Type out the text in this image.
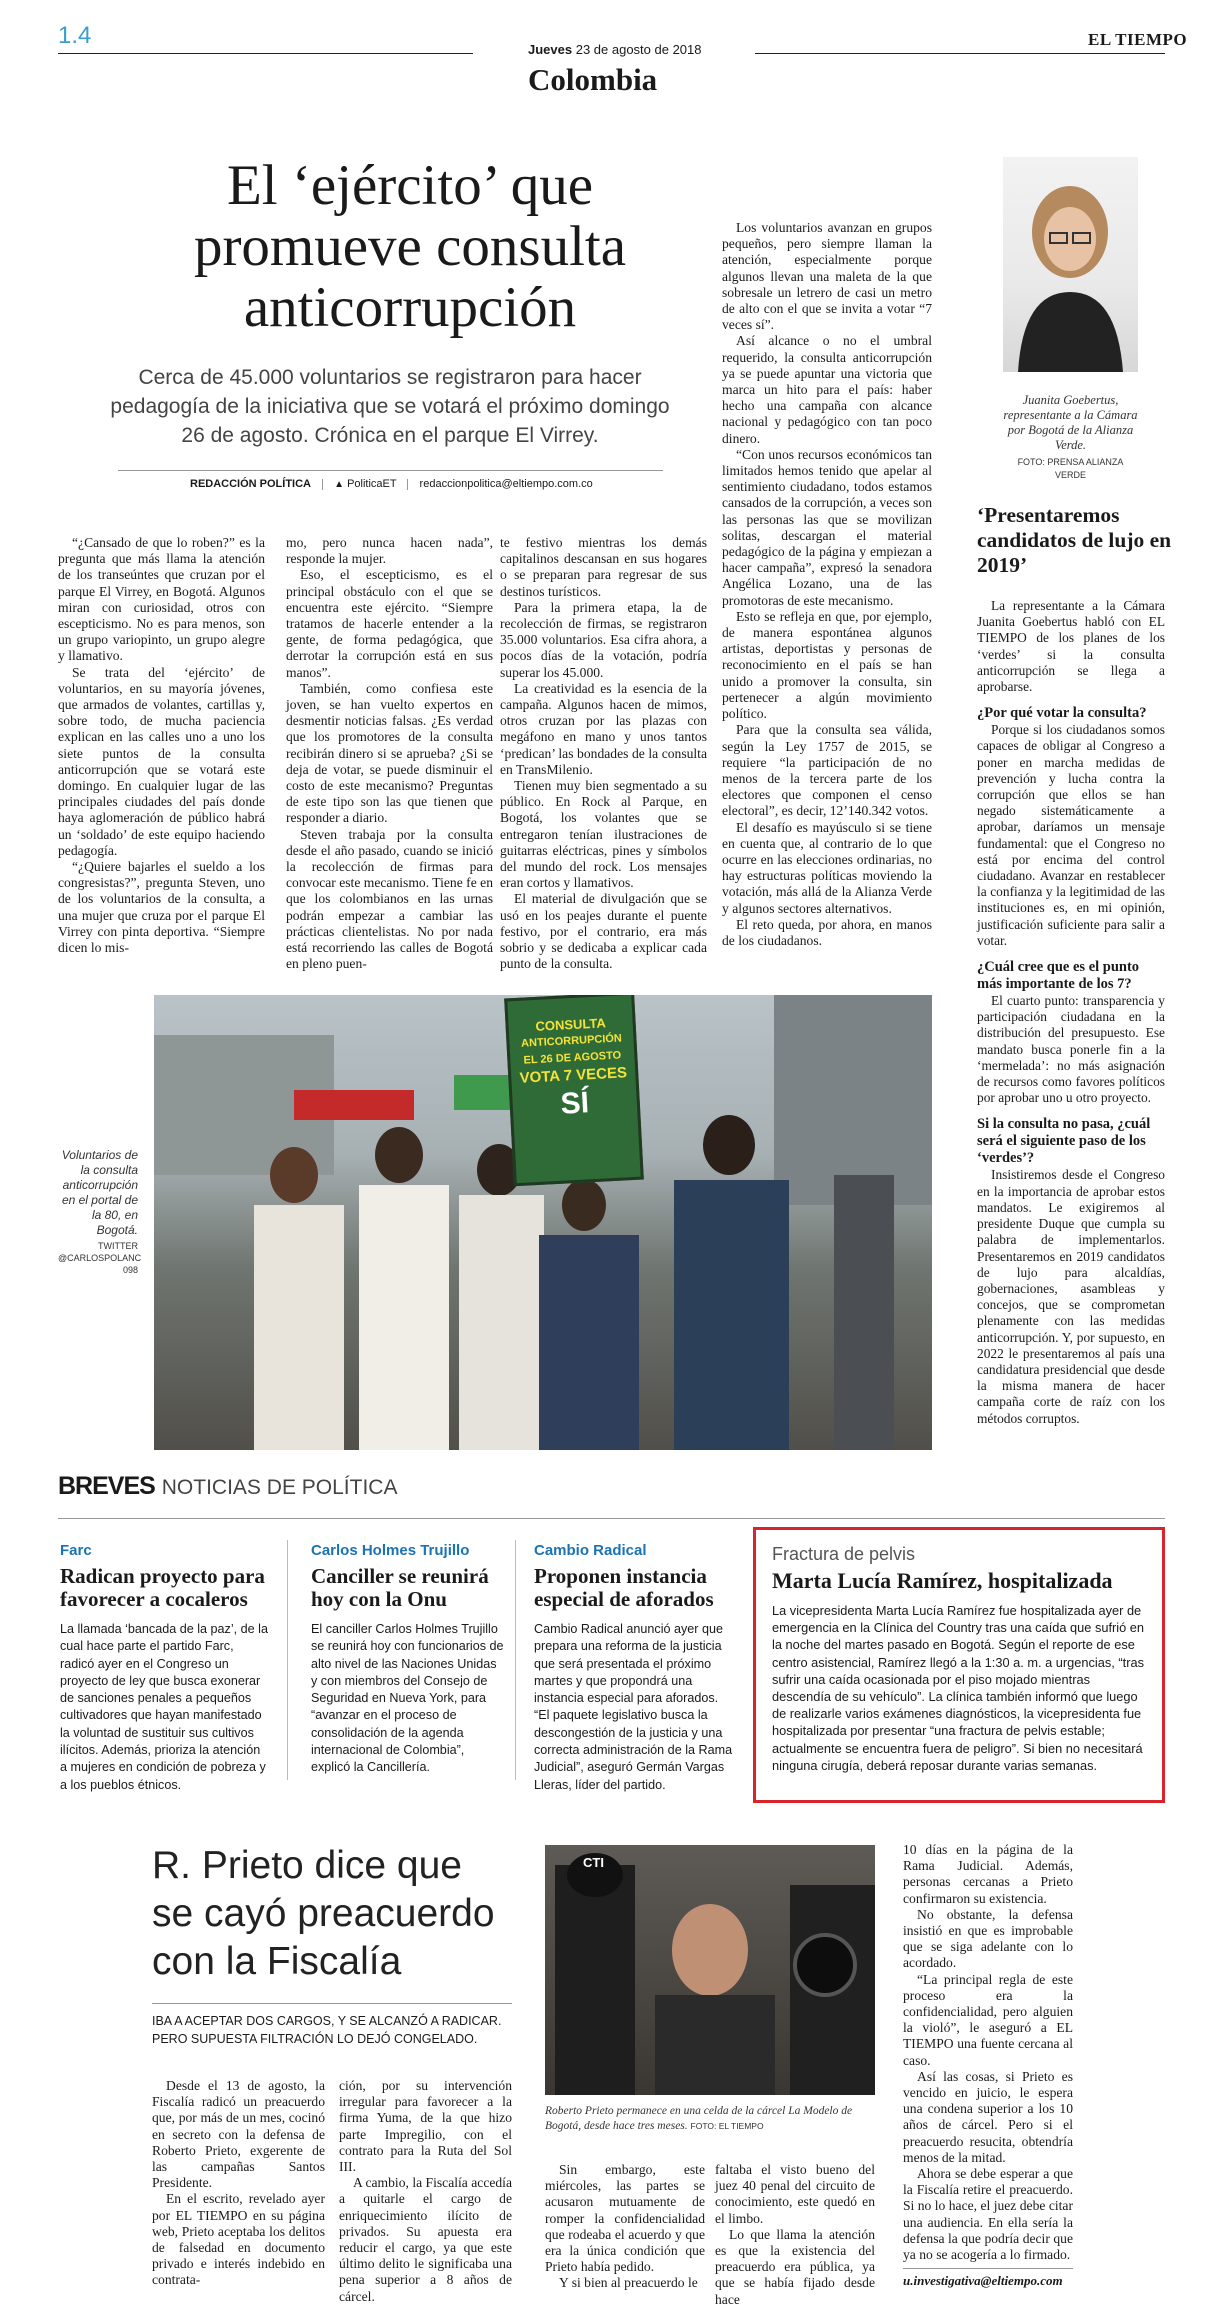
1.4
Jueves 23 de agosto de 2018
EL TIEMPO
Colombia
El ‘ejército’ que promueve consulta anticorrupción
Cerca de 45.000 voluntarios se registraron para hacer pedagogía de la iniciativa que se votará el próximo domingo 26 de agosto. Crónica en el parque El Virrey.
REDACCIÓN POLÍTICA ▲ PoliticaET redaccionpolitica@eltiempo.com.co

“¿Cansado de que lo roben?” es la pregunta que más llama la atención de los transeúntes que cruzan por el parque El Virrey, en Bogotá. Algunos miran con curiosidad, otros con escepticismo. No es para menos, son un grupo variopinto, un grupo alegre y llamativo.

Se trata del ‘ejército’ de voluntarios, en su mayoría jóvenes, que armados de volantes, cartillas y, sobre todo, de mucha paciencia explican en las calles uno a uno los siete puntos de la consulta anticorrupción que se votará este domingo. En cualquier lugar de las principales ciudades del país donde haya aglomeración de público habrá un ‘soldado’ de este equipo haciendo pedagogía.

“¿Quiere bajarles el sueldo a los congresistas?”, pregunta Steven, uno de los voluntarios de la consulta, a una mujer que cruza por el parque El Virrey con pinta deportiva. “Siempre dicen lo mis-

mo, pero nunca hacen nada”, responde la mujer.

Eso, el escepticismo, es el principal obstáculo con el que se encuentra este ejército. “Siempre tratamos de hacerle entender a la gente, de forma pedagógica, que derrotar la corrupción está en sus manos”.

También, como confiesa este joven, se han vuelto expertos en desmentir noticias falsas. ¿Es verdad que los promotores de la consulta recibirán dinero si se aprueba? ¿Si se deja de votar, se puede disminuir el costo de este mecanismo? Preguntas de este tipo son las que tienen que responder a diario.

Steven trabaja por la consulta desde el año pasado, cuando se inició la recolección de firmas para convocar este mecanismo. Tiene fe en que los colombianos en las urnas podrán empezar a cambiar las prácticas clientelistas. No por nada está recorriendo las calles de Bogotá en pleno puen-

te festivo mientras los demás capitalinos descansan en sus hogares o se preparan para regresar de sus destinos turísticos.

Para la primera etapa, la de recolección de firmas, se registraron 35.000 voluntarios. Esa cifra ahora, a pocos días de la votación, podría superar los 45.000.

La creatividad es la esencia de la campaña. Algunos hacen de mimos, otros cruzan por las plazas con megáfono en mano y unos tantos ‘predican’ las bondades de la consulta en TransMilenio.

Tienen muy bien segmentado a su público. En Rock al Parque, en Bogotá, los volantes que se entregaron tenían ilustraciones de guitarras eléctricas, pines y símbolos del mundo del rock. Los mensajes eran cortos y llamativos.

El material de divulgación que se usó en los peajes durante el puente festivo, por el contrario, era más sobrio y se dedicaba a explicar cada punto de la consulta.

Los voluntarios avanzan en grupos pequeños, pero siempre llaman la atención, especialmente porque algunos llevan una maleta de la que sobresale un letrero de casi un metro de alto con el que se invita a votar “7 veces sí”.

Así alcance o no el umbral requerido, la consulta anticorrupción ya se puede apuntar una victoria que marca un hito para el país: haber hecho una campaña con alcance nacional y pedagógico con tan poco dinero.

“Con unos recursos económicos tan limitados hemos tenido que apelar al sentimiento ciudadano, todos estamos cansados de la corrupción, a veces son las personas las que se movilizan solitas, descargan el material pedagógico de la página y empiezan a hacer campaña”, expresó la senadora Angélica Lozano, una de las promotoras de este mecanismo.

Esto se refleja en que, por ejemplo, de manera espontánea algunos artistas, deportistas y personas de reconocimiento en el país se han unido a promover la consulta, sin pertenecer a algún movimiento político.

Para que la consulta sea válida, según la Ley 1757 de 2015, se requiere “la participación de no menos de la tercera parte de los electores que componen el censo electoral”, es decir, 12’140.342 votos.

El desafío es mayúsculo si se tiene en cuenta que, al contrario de lo que ocurre en las elecciones ordinarias, no hay estructuras políticas moviendo la votación, más allá de la Alianza Verde y algunos sectores alternativos.

El reto queda, por ahora, en manos de los ciudadanos.

Voluntarios de la consulta anticorrupción en el portal de la 80, en Bogotá.
TWITTER @CARLOSPOLANC 098
CONSULTA
ANTICORRUPCIÓN
EL 26 DE AGOSTO
VOTA 7 VECES
SÍ
Juanita Goebertus, representante a la Cámara por Bogotá de la Alianza Verde.
FOTO: PRENSA ALIANZA VERDE
‘Presentaremos candidatos de lujo en 2019’

La representante a la Cámara Juanita Goebertus habló con EL TIEMPO de los planes de los ‘verdes’ si la consulta anticorrupción se llega a aprobarse.

¿Por qué votar la consulta?

Porque si los ciudadanos somos capaces de obligar al Congreso a poner en marcha medidas de prevención y lucha contra la corrupción que ellos se han negado sistemáticamente a aprobar, daríamos un mensaje fundamental: que el Congreso no está por encima del control ciudadano. Avanzar en restablecer la confianza y la legitimidad de las instituciones es, en mi opinión, justificación suficiente para salir a votar.

¿Cuál cree que es el punto más importante de los 7?

El cuarto punto: transparencia y participación ciudadana en la distribución del presupuesto. Ese mandato busca ponerle fin a la ‘mermelada’: no más asignación de recursos como favores políticos por aprobar uno u otro proyecto.

Si la consulta no pasa, ¿cuál será el siguiente paso de los ‘verdes’?

Insistiremos desde el Congreso en la importancia de aprobar estos mandatos. Le exigiremos al presidente Duque que cumpla su palabra de implementarlos. Presentaremos en 2019 candidatos de lujo para alcaldías, gobernaciones, asambleas y concejos, que se comprometan plenamente con las medidas anticorrupción. Y, por supuesto, en 2022 le presentaremos al país una candidatura presidencial que desde la misma manera de hacer campaña corte de raíz con los métodos corruptos.

BREVES NOTICIAS DE POLÍTICA
Farc
Radican proyecto para favorecer a cocaleros
La llamada ‘bancada de la paz’, de la cual hace parte el partido Farc, radicó ayer en el Congreso un proyecto de ley que busca exonerar de sanciones penales a pequeños cultivadores que hayan manifestado la voluntad de sustituir sus cultivos ilícitos. Además, prioriza la atención a mujeres en condición de pobreza y a los pueblos étnicos.
Carlos Holmes Trujillo
Canciller se reunirá hoy con la Onu
El canciller Carlos Holmes Trujillo se reunirá hoy con funcionarios de alto nivel de las Naciones Unidas y con miembros del Consejo de Seguridad en Nueva York, para “avanzar en el proceso de consolidación de la agenda internacional de Colombia”, explicó la Cancillería.
Cambio Radical
Proponen instancia especial de aforados
Cambio Radical anunció ayer que prepara una reforma de la justicia que será presentada el próximo martes y que propondrá una instancia especial para aforados. “El paquete legislativo busca la descongestión de la justicia y una correcta administración de la Rama Judicial”, aseguró Germán Vargas Lleras, líder del partido.
Fractura de pelvis
Marta Lucía Ramírez, hospitalizada
La vicepresidenta Marta Lucía Ramírez fue hospitalizada ayer de emergencia en la Clínica del Country tras una caída que sufrió en la noche del martes pasado en Bogotá. Según el reporte de ese centro asistencial, Ramírez llegó a la 1:30 a. m. a urgencias, “tras sufrir una caída ocasionada por el piso mojado mientras descendía de su vehículo”. La clínica también informó que luego de realizarle varios exámenes diagnósticos, la vicepresidenta fue hospitalizada por presentar “una fractura de pelvis estable; actualmente se encuentra fuera de peligro”. Si bien no necesitará ninguna cirugía, deberá reposar durante varias semanas.
R. Prieto dice que se cayó preacuerdo con la Fiscalía
IBA A ACEPTAR DOS CARGOS, Y SE ALCANZÓ A RADICAR. PERO SUPUESTA FILTRACIÓN LO DEJÓ CONGELADO.

Desde el 13 de agosto, la Fiscalía radicó un preacuerdo que, por más de un mes, cocinó en secreto con la defensa de Roberto Prieto, exgerente de las campañas Santos Presidente.

En el escrito, revelado ayer por EL TIEMPO en su página web, Prieto aceptaba los delitos de falsedad en documento privado e interés indebido en contrata-

ción, por su intervención irregular para favorecer a la firma Yuma, de la que hizo parte Impregilio, con el contrato para la Ruta del Sol III.

A cambio, la Fiscalía accedía a quitarle el cargo de enriquecimiento ilícito de privados. Su apuesta era reducir el cargo, ya que este último delito le significaba una pena superior a 8 años de cárcel.

CTI
Roberto Prieto permanece en una celda de la cárcel La Modelo de Bogotá, desde hace tres meses. FOTO: EL TIEMPO

Sin embargo, este miércoles, las partes se acusaron mutuamente de romper la confidencialidad que rodeaba el acuerdo y que era la única condición que Prieto había pedido.

Y si bien al preacuerdo le

faltaba el visto bueno del juez 40 penal del circuito de conocimiento, este quedó en el limbo.

Lo que llama la atención es que la existencia del preacuerdo era pública, ya que se había fijado desde hace

10 días en la página de la Rama Judicial. Además, personas cercanas a Prieto confirmaron su existencia.

No obstante, la defensa insistió en que es improbable que se siga adelante con lo acordado.

“La principal regla de este proceso era la confidencialidad, pero alguien la violó”, le aseguró a EL TIEMPO una fuente cercana al caso.

Así las cosas, si Prieto es vencido en juicio, le espera una condena superior a los 10 años de cárcel. Pero si el preacuerdo resucita, obtendría menos de la mitad.

Ahora se debe esperar a que la Fiscalía retire el preacuerdo. Si no lo hace, el juez debe citar una audiencia. En ella sería la defensa la que podría decir que ya no se acogería a lo firmado.

u.investigativa@eltiempo.com
